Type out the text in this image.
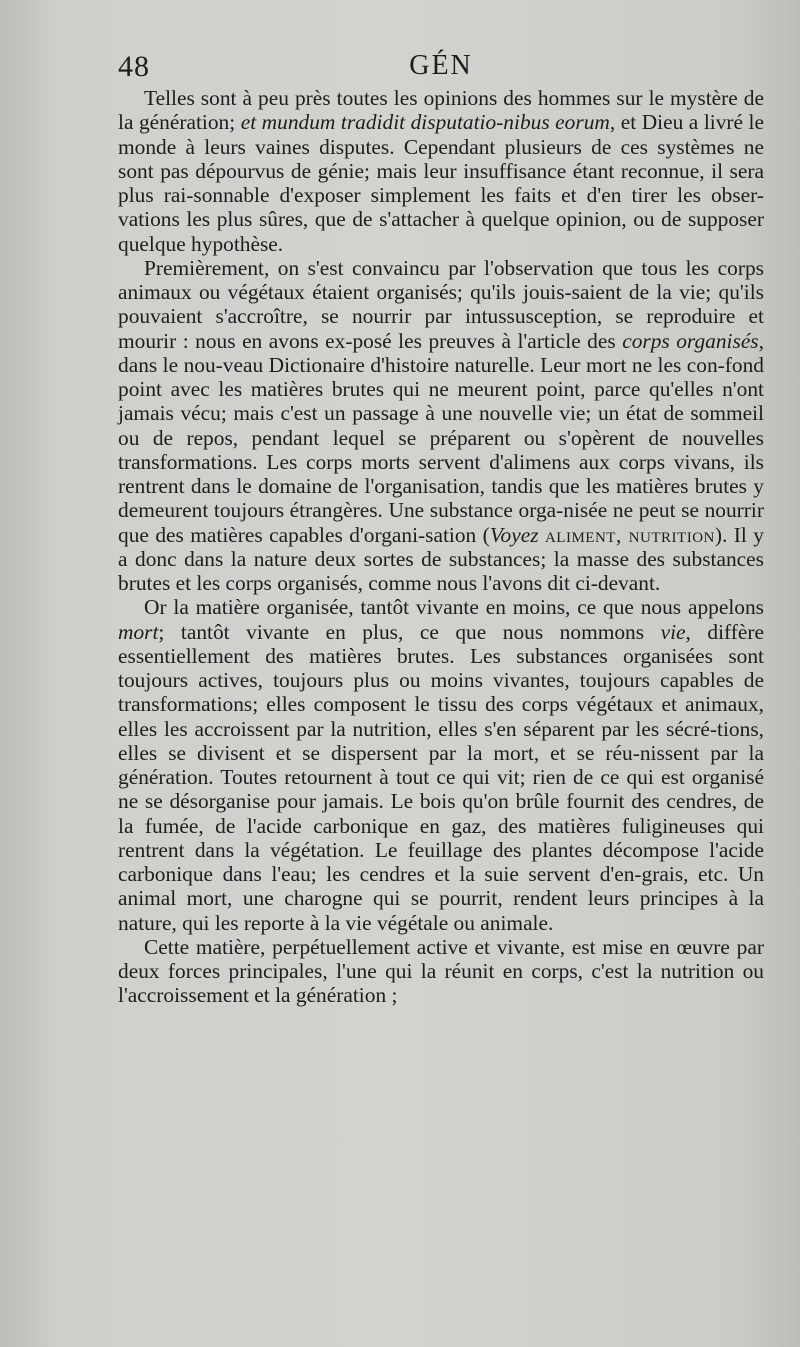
48	GÉN

Telles sont à peu près toutes les opinions des hommes sur le mystère de la génération; et mundum tradidit disputatio-nibus eorum, et Dieu a livré le monde à leurs vaines disputes. Cependant plusieurs de ces systèmes ne sont pas dépourvus de génie; mais leur insuffisance étant reconnue, il sera plus rai-sonnable d'exposer simplement les faits et d'en tirer les obser-vations les plus sûres, que de s'attacher à quelque opinion, ou de supposer quelque hypothèse.

Premièrement, on s'est convaincu par l'observation que tous les corps animaux ou végétaux étaient organisés; qu'ils jouis-saient de la vie; qu'ils pouvaient s'accroître, se nourrir par intussusception, se reproduire et mourir : nous en avons ex-posé les preuves à l'article des corps organisés, dans le nou-veau Dictionaire d'histoire naturelle. Leur mort ne les con-fond point avec les matières brutes qui ne meurent point, parce qu'elles n'ont jamais vécu; mais c'est un passage à une nouvelle vie; un état de sommeil ou de repos, pendant lequel se préparent ou s'opèrent de nouvelles transformations. Les corps morts servent d'alimens aux corps vivans, ils rentrent dans le domaine de l'organisation, tandis que les matières brutes y demeurent toujours étrangères. Une substance orga-nisée ne peut se nourrir que des matières capables d'organi-sation (Voyez aliment, nutrition). Il y a donc dans la nature deux sortes de substances; la masse des substances brutes et les corps organisés, comme nous l'avons dit ci-devant.

Or la matière organisée, tantôt vivante en moins, ce que nous appelons mort; tantôt vivante en plus, ce que nous nommons vie, diffère essentiellement des matières brutes. Les substances organisées sont toujours actives, toujours plus ou moins vivantes, toujours capables de transformations; elles composent le tissu des corps végétaux et animaux, elles les accroissent par la nutrition, elles s'en séparent par les sécré-tions, elles se divisent et se dispersent par la mort, et se réu-nissent par la génération. Toutes retournent à tout ce qui vit; rien de ce qui est organisé ne se désorganise pour jamais. Le bois qu'on brûle fournit des cendres, de la fumée, de l'acide carbonique en gaz, des matières fuligineuses qui rentrent dans la végétation. Le feuillage des plantes décompose l'acide carbonique dans l'eau; les cendres et la suie servent d'en-grais, etc. Un animal mort, une charogne qui se pourrit, rendent leurs principes à la nature, qui les reporte à la vie végétale ou animale.

Cette matière, perpétuellement active et vivante, est mise en œuvre par deux forces principales, l'une qui la réunit en corps, c'est la nutrition ou l'accroissement et la génération ;
